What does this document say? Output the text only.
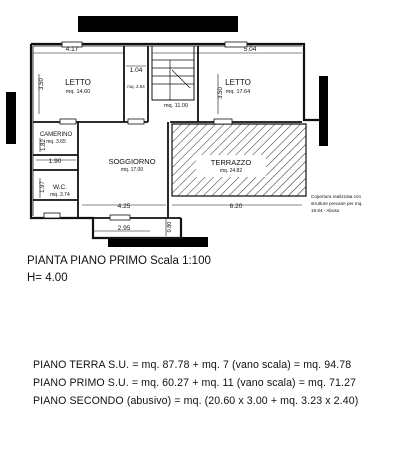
4.17	5.04
1.04
3.50
3.50
1.82
1.90
1.97
4.25	6.20
2.95	0.80
LETTO
mq. 14.60
LETTO
mq. 17.64
mq. 2.64
mq. 11.00
CAMERINO
mq. 3.65
SOGGIORNO
mq. 17.00
TERRAZZO
mq. 24.82
W.C.
mq. 3.74	Copertura realizzata con
strutture precarie per mq.
19.84 - Abuso
PIANTA PIANO PRIMO Scala 1:100
H= 4.00
PIANO TERRA S.U. = mq. 87.78 + mq. 7 (vano scala) = mq. 94.78
PIANO PRIMO S.U. = mq. 60.27 + mq. 11 (vano scala) = mq. 71.27
PIANO SECONDO (abusivo) = mq. (20.60 x 3.00 + mq. 3.23 x 2.40)
